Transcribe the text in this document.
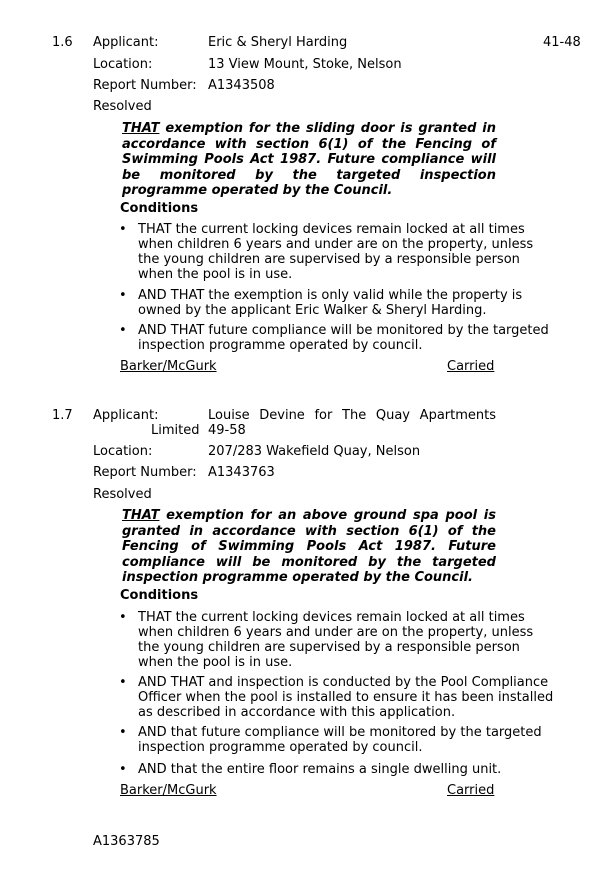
1.6 Applicant:	Eric & Sheryl Harding	41-48
Location:	13 View Mount, Stoke, Nelson
Report Number: A1343508
Resolved
THAT exemption for the sliding door is granted in accordance with section 6(1) of the Fencing of Swimming Pools Act 1987. Future compliance will be monitored by the targeted inspection programme operated by the Council.
Conditions
• THAT the current locking devices remain locked at all times when children 6 years and under are on the property, unless the young children are supervised by a responsible person when the pool is in use.
• AND THAT the exemption is only valid while the property is owned by the applicant Eric Walker & Sheryl Harding.
• AND THAT future compliance will be monitored by the targeted inspection programme operated by council.
Barker/McGurk	Carried
1.7 Applicant:	Louise Devine for The Quay Apartments
Limited 49-58
Location:	207/283 Wakefield Quay, Nelson
Report Number: A1343763
Resolved
THAT exemption for an above ground spa pool is granted in accordance with section 6(1) of the Fencing of Swimming Pools Act 1987. Future compliance will be monitored by the targeted inspection programme operated by the Council.
Conditions
• THAT the current locking devices remain locked at all times when children 6 years and under are on the property, unless the young children are supervised by a responsible person when the pool is in use.
• AND THAT and inspection is conducted by the Pool Compliance Officer when the pool is installed to ensure it has been installed as described in accordance with this application.
• AND that future compliance will be monitored by the targeted inspection programme operated by council.
• AND that the entire floor remains a single dwelling unit.
Barker/McGurk	Carried
A1363785
